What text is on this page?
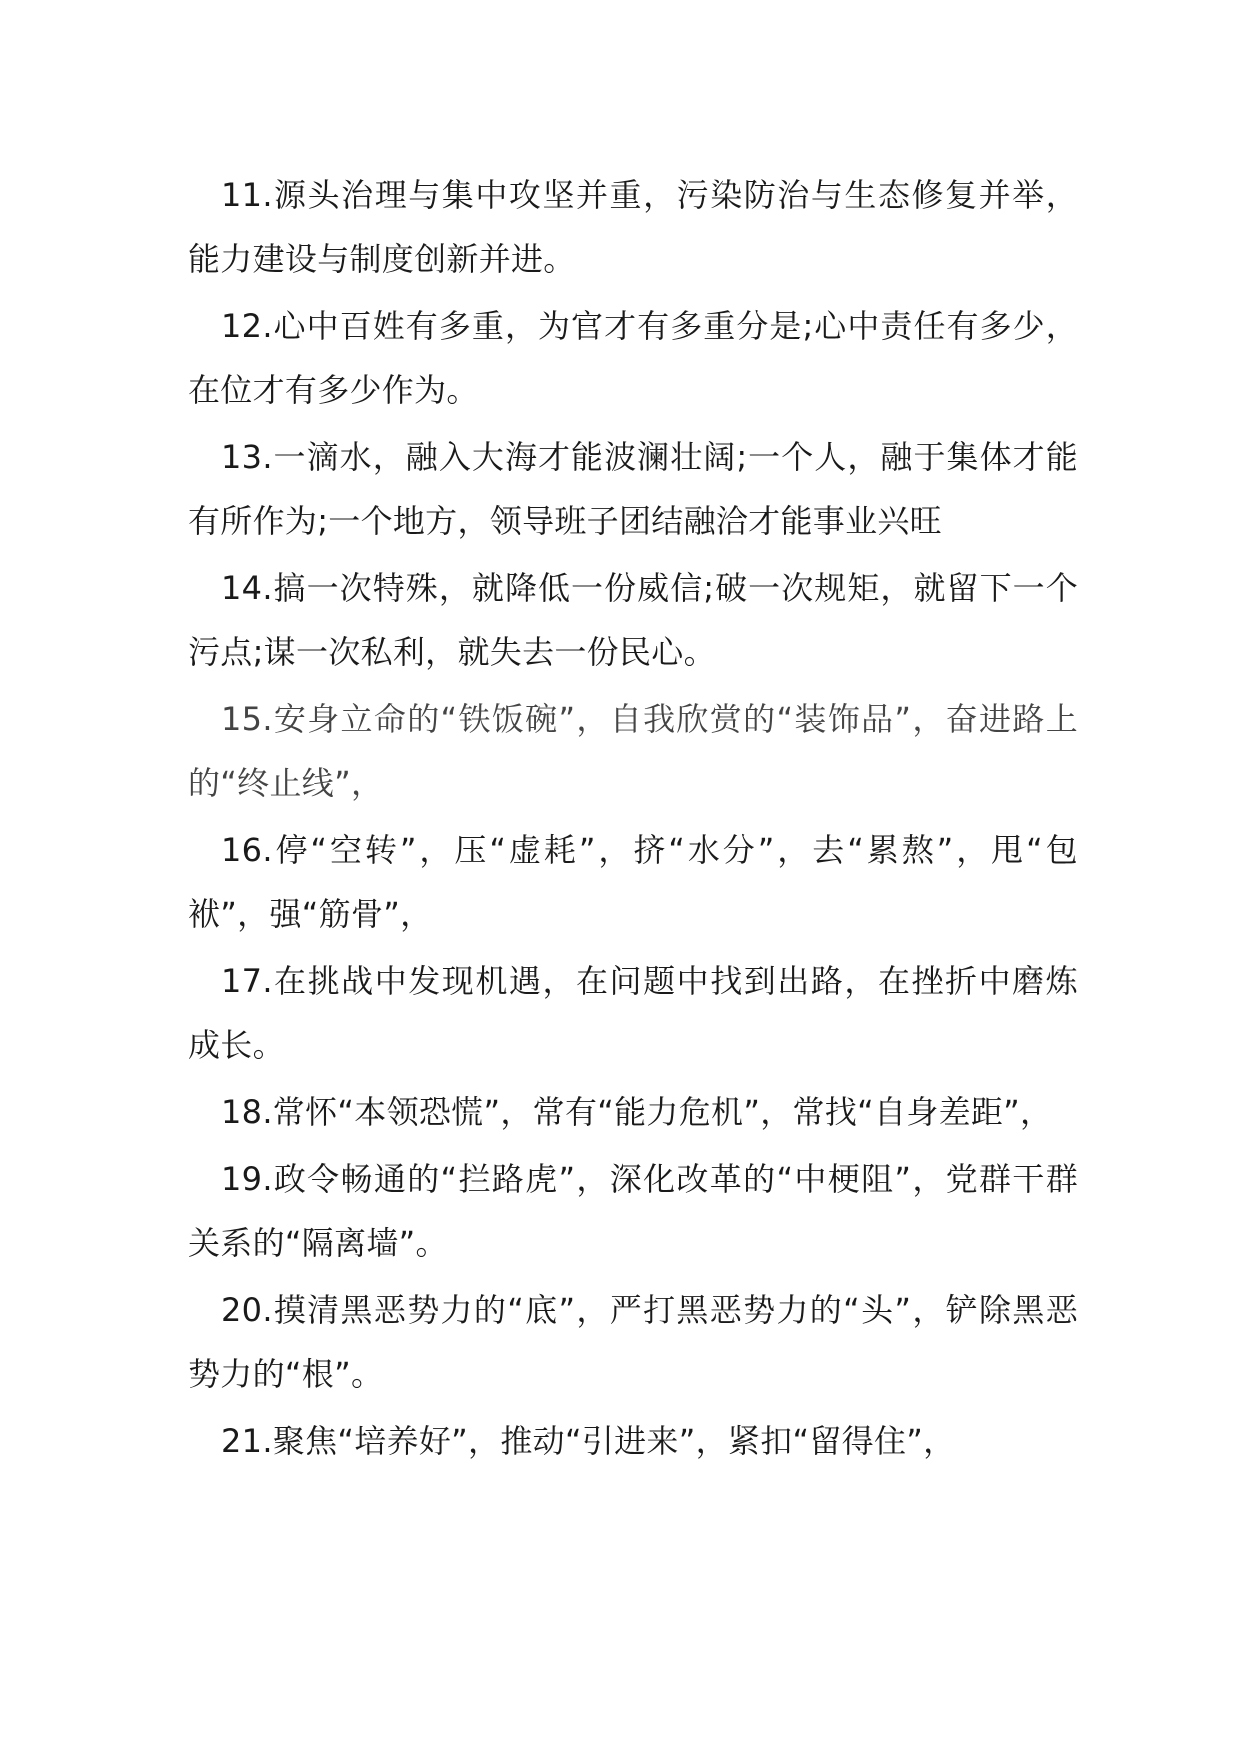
11.源头治理与集中攻坚并重，污染防治与生态修复并举，能力建设与制度创新并进。

12.心中百姓有多重，为官才有多重分是;心中责任有多少，在位才有多少作为。

13.一滴水，融入大海才能波澜壮阔;一个人，融于集体才能有所作为;一个地方，领导班子团结融洽才能事业兴旺

14.搞一次特殊，就降低一份威信;破一次规矩，就留下一个污点;谋一次私利，就失去一份民心。

15.安身立命的“铁饭碗”，自我欣赏的“装饰品”，奋进路上的“终止线”，

16.停“空转”，压“虚耗”，挤“水分”，去“累熬”，甩“包袱”，强“筋骨”，

17.在挑战中发现机遇，在问题中找到出路，在挫折中磨炼成长。

18.常怀“本领恐慌”，常有“能力危机”，常找“自身差距”，

19.政令畅通的“拦路虎”，深化改革的“中梗阻”，党群干群关系的“隔离墙”。

20.摸清黑恶势力的“底”，严打黑恶势力的“头”，铲除黑恶势力的“根”。

21.聚焦“培养好”，推动“引进来”，紧扣“留得住”，
